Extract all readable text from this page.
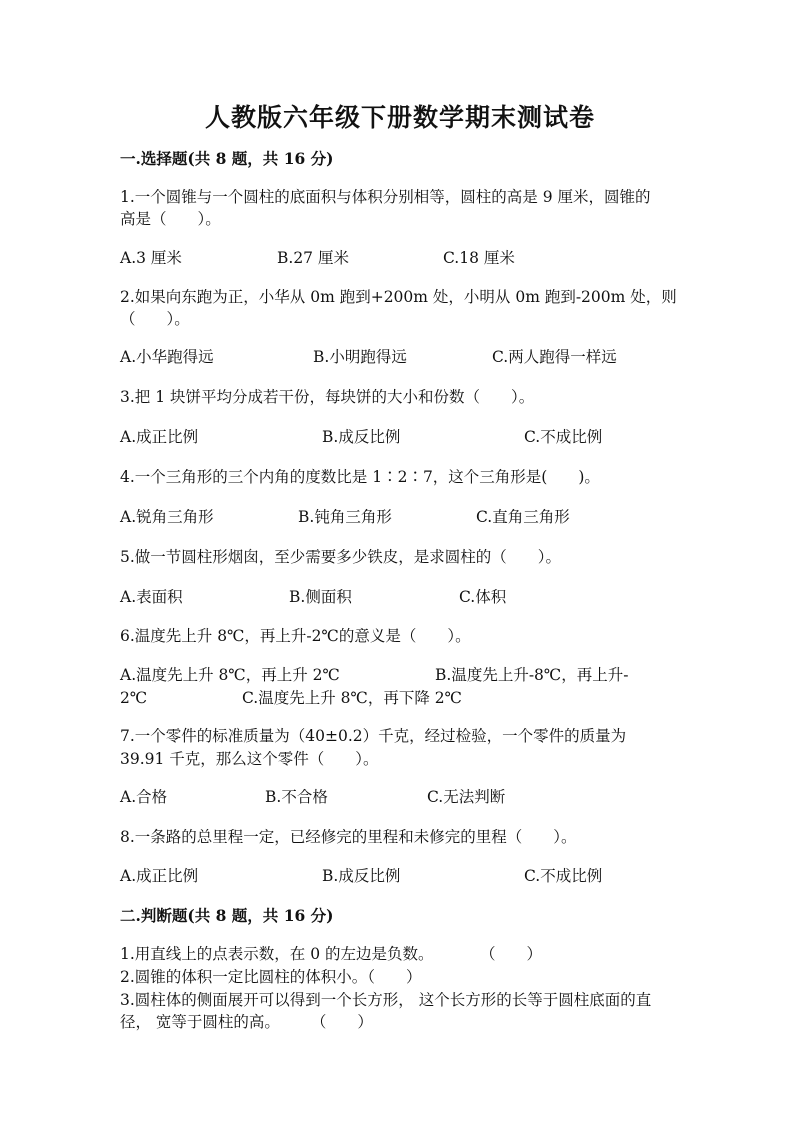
人教版六年级下册数学期末测试卷
一.选择题(共 8 题，共 16 分)
1.一个圆锥与一个圆柱的底面积与体积分别相等，圆柱的高是 9 厘米，圆锥的
高是（　　）。
A.3 厘米	B.27 厘米	C.18 厘米
2.如果向东跑为正，小华从 0m 跑到+200m 处，小明从 0m 跑到-200m 处，则
（　　）。
A.小华跑得远	B.小明跑得远	C.两人跑得一样远
3.把 1 块饼平均分成若干份，每块饼的大小和份数（　　）。
A.成正比例	B.成反比例	C.不成比例
4.一个三角形的三个内角的度数比是 1∶2∶7，这个三角形是(　　)。
A.锐角三角形	B.钝角三角形	C.直角三角形
5.做一节圆柱形烟囱，至少需要多少铁皮，是求圆柱的（　　）。
A.表面积	B.侧面积	C.体积
6.温度先上升 8℃，再上升-2℃的意义是（　　）。
A.温度先上升 8℃，再上升 2℃	B.温度先上升-8℃，再上升-
2℃	C.温度先上升 8℃，再下降 2℃
7.一个零件的标准质量为（40±0.2）千克，经过检验，一个零件的质量为
39.91 千克，那么这个零件（　　）。
A.合格	B.不合格	C.无法判断
8.一条路的总里程一定，已经修完的里程和未修完的里程（　　）。
A.成正比例	B.成反比例	C.不成比例
二.判断题(共 8 题，共 16 分)
1.用直线上的点表示数，在 0 的左边是负数。　　　　（　　）
2.圆锥的体积一定比圆柱的体积小。（　　）
3.圆柱体的侧面展开可以得到一个长方形， 这个长方形的长等于圆柱底面的直
径， 宽等于圆柱的高。　　　（　　）
